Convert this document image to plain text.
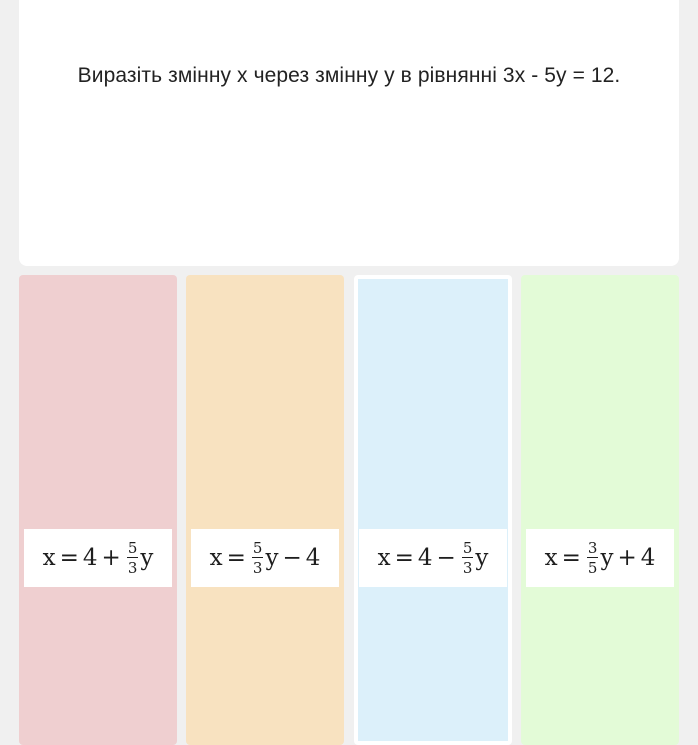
Виразіть змінну x через змінну y в рівнянні 3x - 5y = 12.
$x = 4 + \frac{5}{3}$ y $x = \frac{5}{3}$ y − 4 $x = 4 - \frac{5}{3}$ y $x = \frac{3}{5}$ y + 4
